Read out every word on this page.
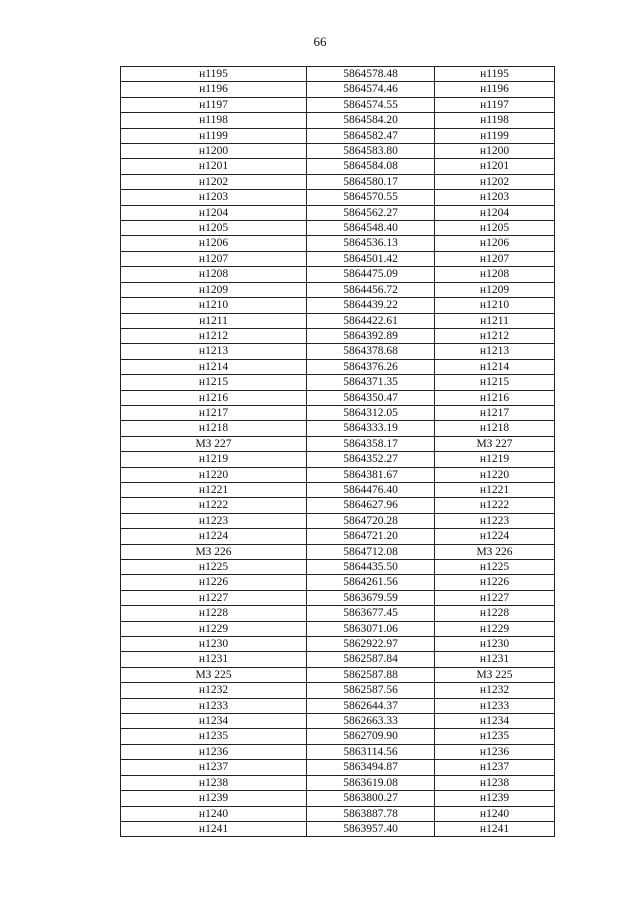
66
н1195	5864578.48	н1195
н1196	5864574.46	н1196
н1197	5864574.55	н1197
н1198	5864584.20	н1198
н1199	5864582.47	н1199
н1200	5864583.80	н1200
н1201	5864584.08	н1201
н1202	5864580.17	н1202
н1203	5864570.55	н1203
н1204	5864562.27	н1204
н1205	5864548.40	н1205
н1206	5864536.13	н1206
н1207	5864501.42	н1207
н1208	5864475.09	н1208
н1209	5864456.72	н1209
н1210	5864439.22	н1210
н1211	5864422.61	н1211
н1212	5864392.89	н1212
н1213	5864378.68	н1213
н1214	5864376.26	н1214
н1215	5864371.35	н1215
н1216	5864350.47	н1216
н1217	5864312.05	н1217
н1218	5864333.19	н1218
МЗ 227	5864358.17	МЗ 227
н1219	5864352.27	н1219
н1220	5864381.67	н1220
н1221	5864476.40	н1221
н1222	5864627.96	н1222
н1223	5864720.28	н1223
н1224	5864721.20	н1224
МЗ 226	5864712.08	МЗ 226
н1225	5864435.50	н1225
н1226	5864261.56	н1226
н1227	5863679.59	н1227
н1228	5863677.45	н1228
н1229	5863071.06	н1229
н1230	5862922.97	н1230
н1231	5862587.84	н1231
МЗ 225	5862587.88	МЗ 225
н1232	5862587.56	н1232
н1233	5862644.37	н1233
н1234	5862663.33	н1234
н1235	5862709.90	н1235
н1236	5863114.56	н1236
н1237	5863494.87	н1237
н1238	5863619.08	н1238
н1239	5863800.27	н1239
н1240	5863887.78	н1240
н1241	5863957.40	н1241
